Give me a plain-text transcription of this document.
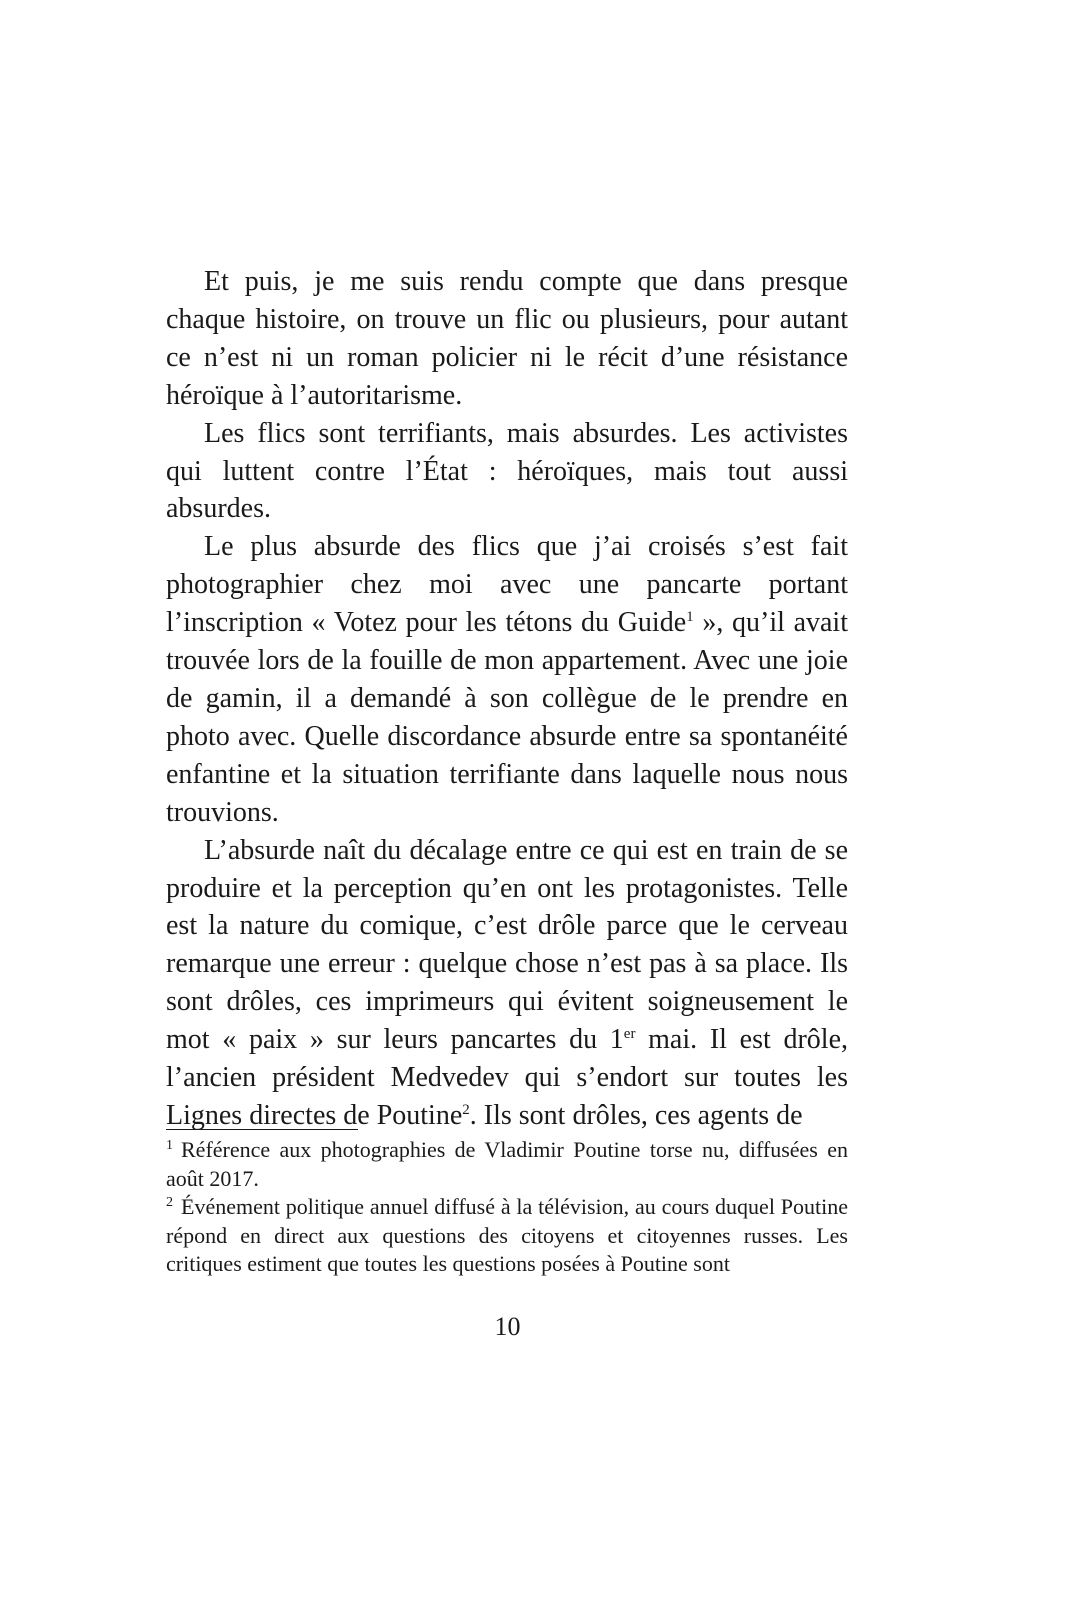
Et puis, je me suis rendu compte que dans presque chaque histoire, on trouve un flic ou plusieurs, pour autant ce n’est ni un roman policier ni le récit d’une résistance héroïque à l’autoritarisme.

Les flics sont terrifiants, mais absurdes. Les activistes qui luttent contre l’État : héroïques, mais tout aussi absurdes.

Le plus absurde des flics que j’ai croisés s’est fait photographier chez moi avec une pancarte portant l’inscription « Votez pour les tétons du Guide$^1$ », qu’il avait trouvée lors de la fouille de mon appartement. Avec une joie de gamin, il a demandé à son collègue de le prendre en photo avec. Quelle discordance absurde entre sa spontanéité enfantine et la situation terrifiante dans laquelle nous nous trouvions.

L’absurde naît du décalage entre ce qui est en train de se produire et la perception qu’en ont les protagonistes. Telle est la nature du comique, c’est drôle parce que le cerveau remarque une erreur : quelque chose n’est pas à sa place. Ils sont drôles, ces imprimeurs qui évitent soigneusement le mot « paix » sur leurs pancartes du 1er mai. Il est drôle, l’ancien président Medvedev qui s’endort sur toutes les Lignes directes de Poutine$^2$. Ils sont drôles, ces agents de

$^1$ Référence aux photographies de Vladimir Poutine torse nu, diffusées en août 2017.

$^2$ Événement politique annuel diffusé à la télévision, au cours duquel Poutine répond en direct aux questions des citoyens et citoyennes russes. Les critiques estiment que toutes les questions posées à Poutine sont

10
